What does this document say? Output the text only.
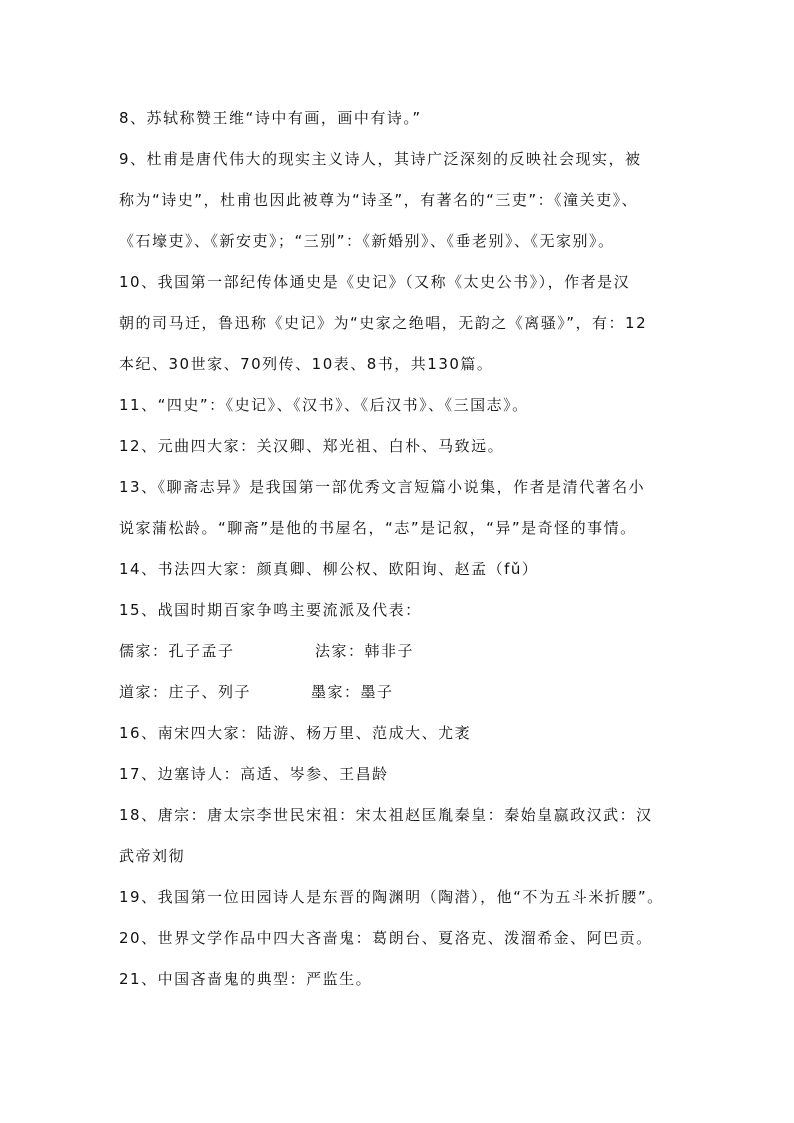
8、苏轼称赞王维“诗中有画，画中有诗。”
9、杜甫是唐代伟大的现实主义诗人，其诗广泛深刻的反映社会现实，被
称为“诗史”，杜甫也因此被尊为“诗圣”，有著名的“三吏”：《潼关吏》、
《石壕吏》、《新安吏》；“三别”：《新婚别》、《垂老别》、《无家别》。
10、我国第一部纪传体通史是《史记》（又称《太史公书》），作者是汉
朝的司马迁，鲁迅称《史记》为“史家之绝唱，无韵之《离骚》”，有：12
本纪、30世家、70列传、10表、8书，共130篇。
11、“四史”：《史记》、《汉书》、《后汉书》、《三国志》。
12、元曲四大家：关汉卿、郑光祖、白朴、马致远。
13、《聊斋志异》是我国第一部优秀文言短篇小说集，作者是清代著名小
说家蒲松龄。“聊斋”是他的书屋名，“志”是记叙，“异”是奇怪的事情。
14、书法四大家：颜真卿、柳公权、欧阳询、赵孟（fǔ）
15、战国时期百家争鸣主要流派及代表：
儒家：孔子孟子	法家：韩非子
道家：庄子、列子	墨家：墨子
16、南宋四大家：陆游、杨万里、范成大、尤袤
17、边塞诗人：高适、岑参、王昌龄
18、唐宗：唐太宗李世民宋祖：宋太祖赵匡胤秦皇：秦始皇嬴政汉武：汉
武帝刘彻
19、我国第一位田园诗人是东晋的陶渊明（陶潜），他“不为五斗米折腰”。
20、世界文学作品中四大吝啬鬼：葛朗台、夏洛克、泼溜希金、阿巴贡。
21、中国吝啬鬼的典型：严监生。
